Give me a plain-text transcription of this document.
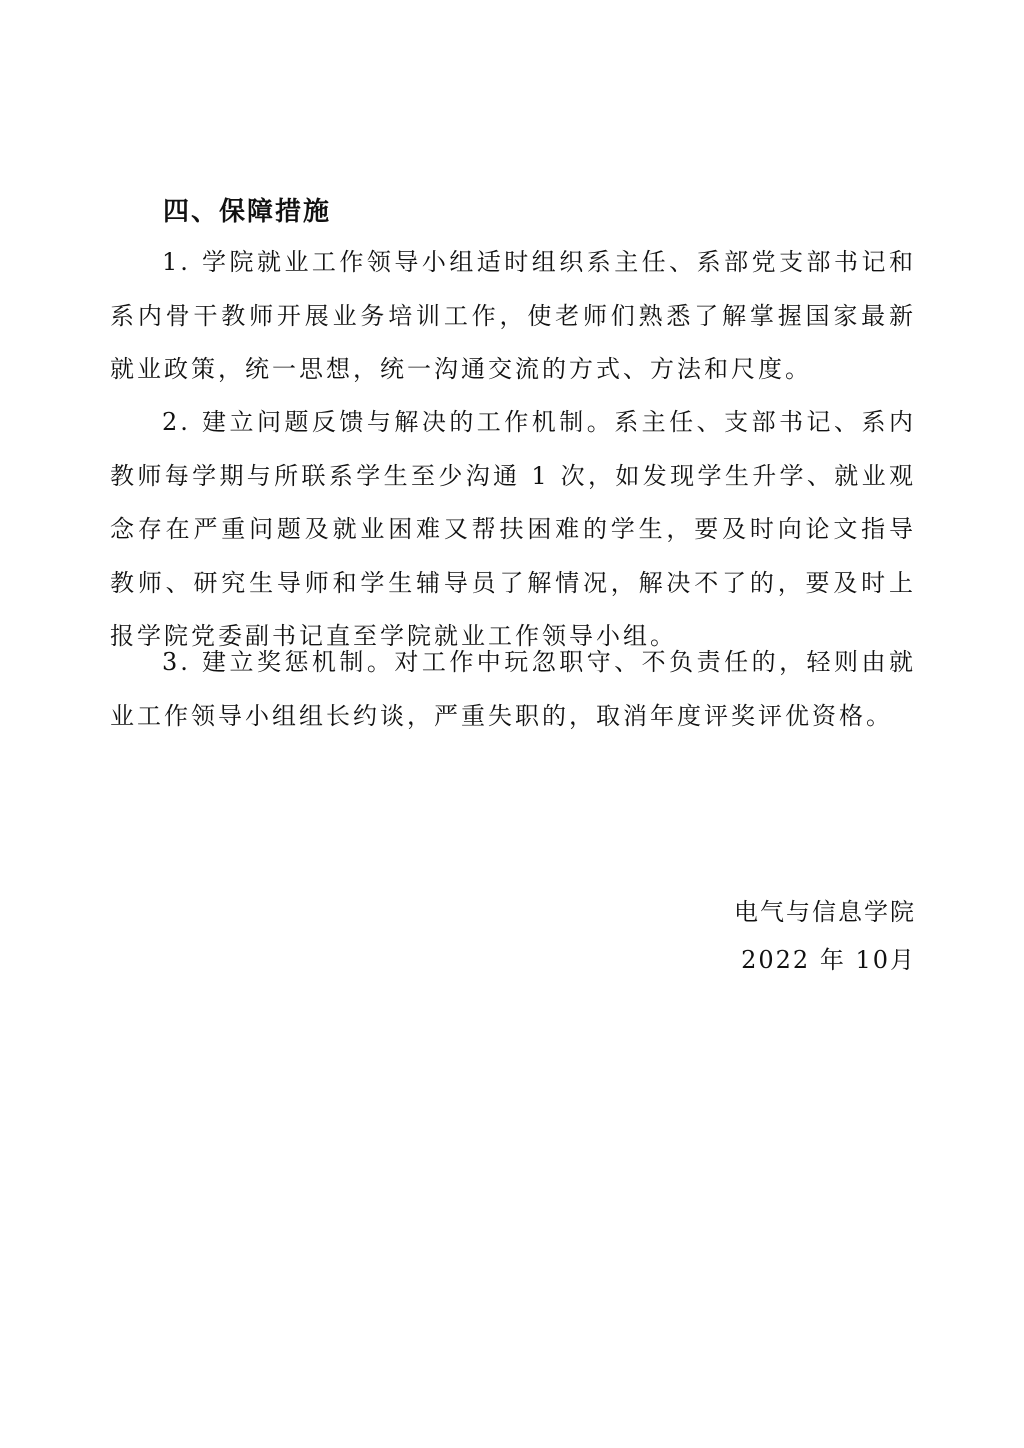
四、保障措施

1. 学院就业工作领导小组适时组织系主任、系部党支部书记和系内骨干教师开展业务培训工作，使老师们熟悉了解掌握国家最新就业政策，统一思想，统一沟通交流的方式、方法和尺度。

2. 建立问题反馈与解决的工作机制。系主任、支部书记、系内教师每学期与所联系学生至少沟通 1 次，如发现学生升学、就业观念存在严重问题及就业困难又帮扶困难的学生，要及时向论文指导教师、研究生导师和学生辅导员了解情况，解决不了的，要及时上报学院党委副书记直至学院就业工作领导小组。

3. 建立奖惩机制。对工作中玩忽职守、不负责任的，轻则由就业工作领导小组组长约谈，严重失职的，取消年度评奖评优资格。

电气与信息学院
2022 年 10月
